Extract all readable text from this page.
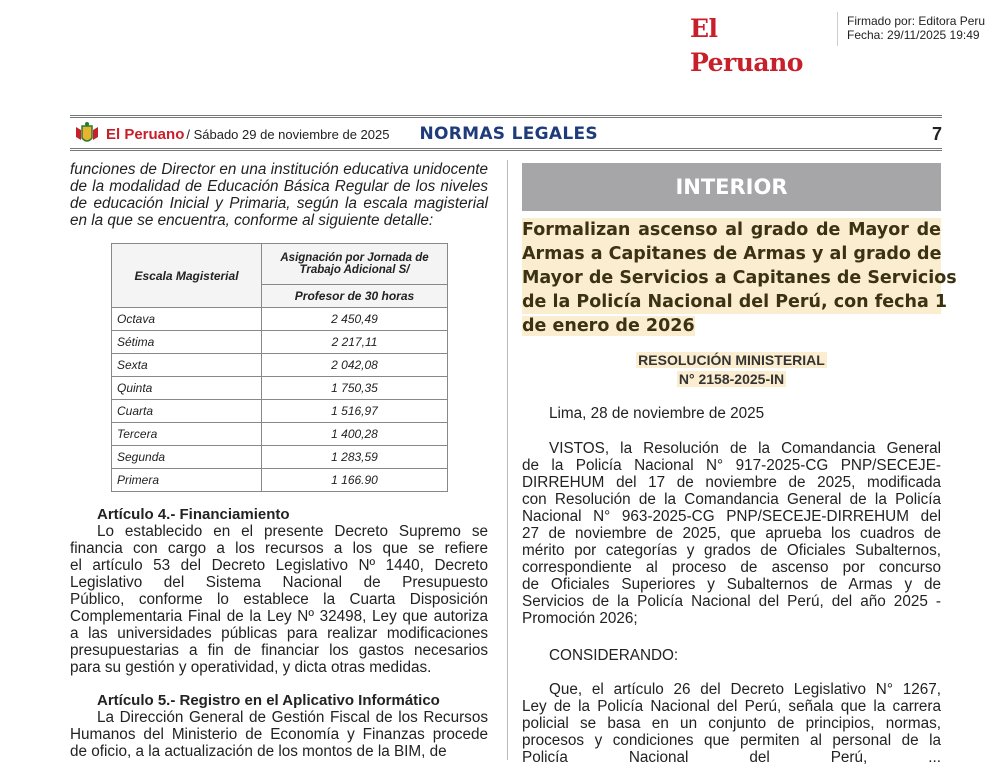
El Peruano
Firmado por: Editora Peru
Fecha: 29/11/2025 19:49
El Peruano / Sábado 29 de noviembre de 2025 NORMAS LEGALES	7
funciones de Director en una institución educativa unidocente
de la modalidad de Educación Básica Regular de los niveles
de educación Inicial y Primaria, según la escala magisterial
en la que se encuentra, conforme al siguiente detalle:
Escala Magisterial	Asignación por Jornada de Trabajo Adicional S/
	Profesor de 30 horas
Octava	2 450,49
Sétima	2 217,11
Sexta	2 042,08
Quinta	1 750,35
Cuarta	1 516,97
Tercera	1 400,28
Segunda	1 283,59
Primera	1 166.90
Artículo 4.- Financiamiento
Lo establecido en el presente Decreto Supremo se
financia con cargo a los recursos a los que se refiere
el artículo 53 del Decreto Legislativo Nº 1440, Decreto
Legislativo del Sistema Nacional de Presupuesto
Público, conforme lo establece la Cuarta Disposición
Complementaria Final de la Ley Nº 32498, Ley que autoriza
a las universidades públicas para realizar modificaciones
presupuestarias a fin de financiar los gastos necesarios
para su gestión y operatividad, y dicta otras medidas.
Artículo 5.- Registro en el Aplicativo Informático
La Dirección General de Gestión Fiscal de los Recursos
Humanos del Ministerio de Economía y Finanzas procede
de oficio, a la actualización de los montos de la BIM, de
INTERIOR
Formalizan ascenso al grado de Mayor de
Armas a Capitanes de Armas y al grado de
Mayor de Servicios a Capitanes de Servicios
de la Policía Nacional del Perú, con fecha 1
de enero de 2026
RESOLUCIÓN MINISTERIAL
N° 2158-2025-IN
Lima, 28 de noviembre de 2025
VISTOS, la Resolución de la Comandancia General
de la Policía Nacional N° 917-2025-CG PNP/SECEJE-
DIRREHUM del 17 de noviembre de 2025, modificada
con Resolución de la Comandancia General de la Policía
Nacional N° 963-2025-CG PNP/SECEJE-DIRREHUM del
27 de noviembre de 2025, que aprueba los cuadros de
mérito por categorías y grados de Oficiales Subalternos,
correspondiente al proceso de ascenso por concurso
de Oficiales Superiores y Subalternos de Armas y de
Servicios de la Policía Nacional del Perú, del año 2025 -
Promoción 2026;
CONSIDERANDO:
Que, el artículo 26 del Decreto Legislativo N° 1267,
Ley de la Policía Nacional del Perú, señala que la carrera
policial se basa en un conjunto de principios, normas,
procesos y condiciones que permiten al personal de la
Policía Nacional del Perú, ...
